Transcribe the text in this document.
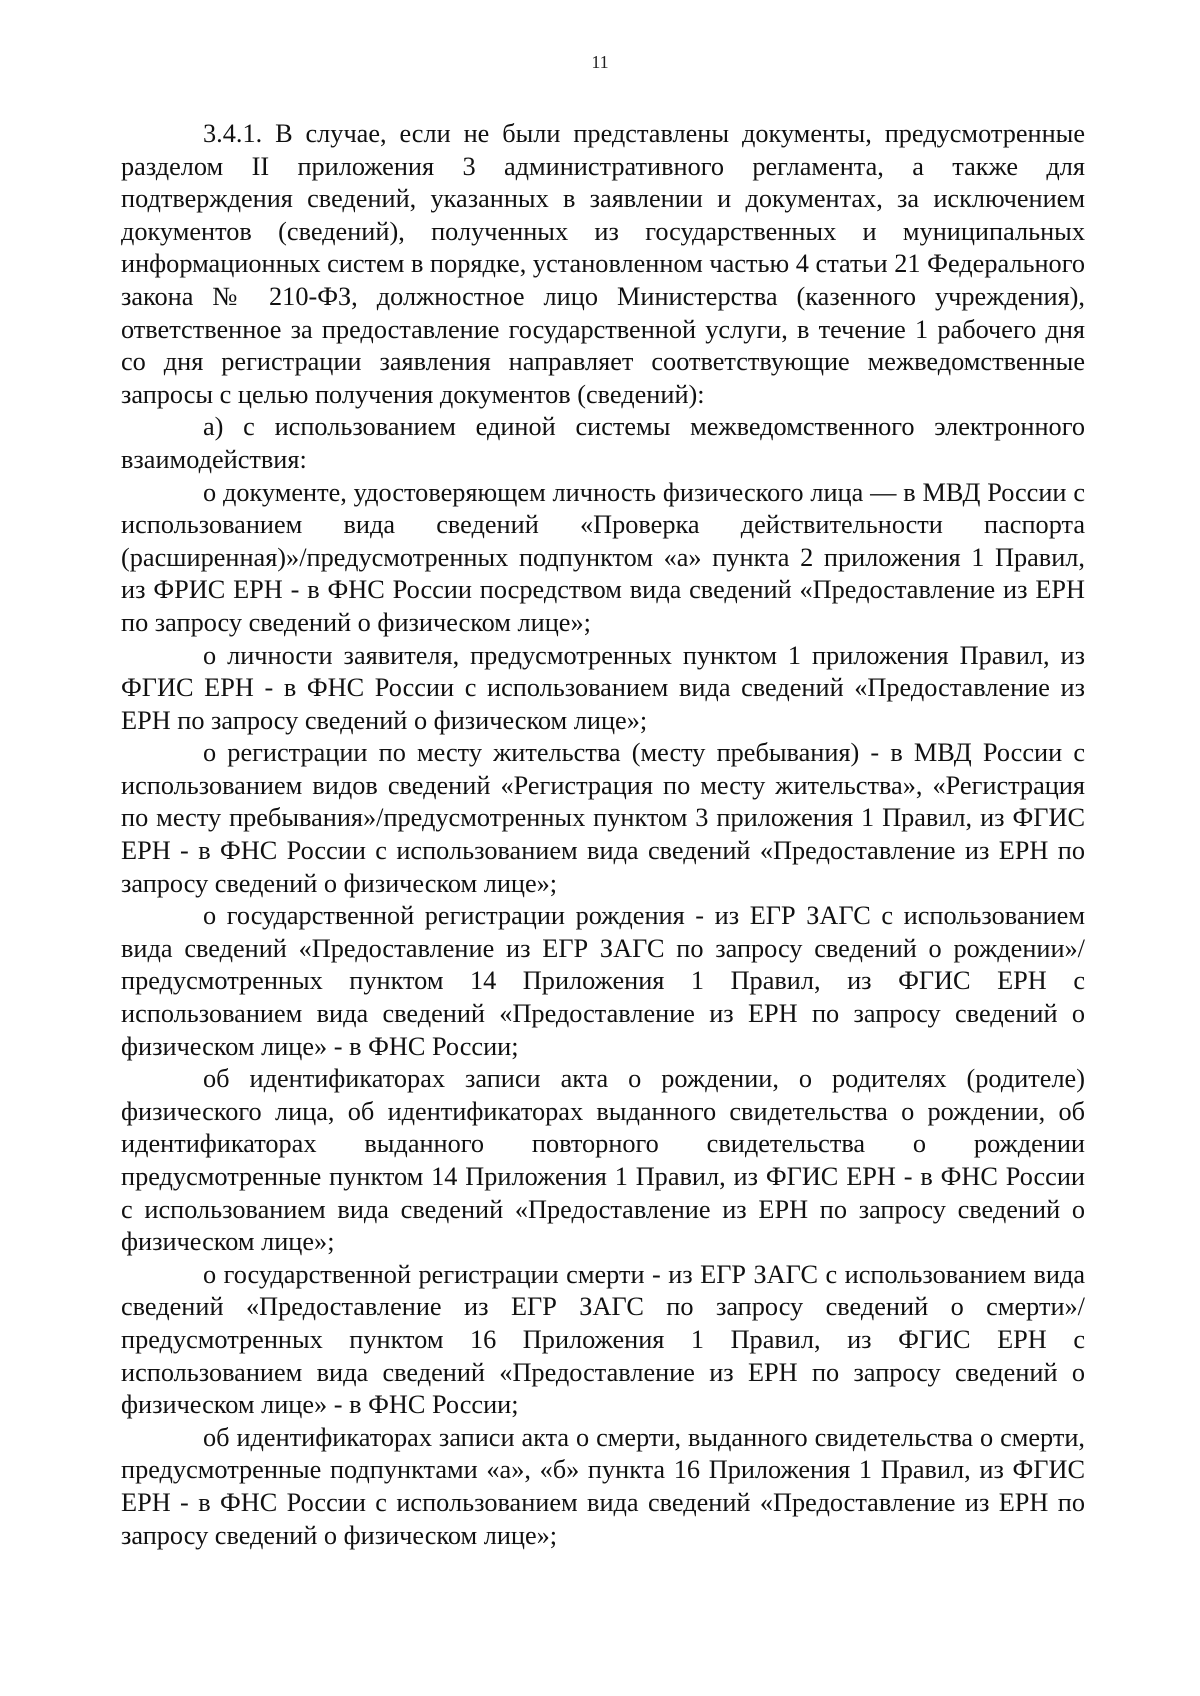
11

3.4.1. В случае, если не были представлены документы, предусмотренные разделом II приложения 3 административного регламента, а также для подтверждения сведений, указанных в заявлении и документах, за исключением документов (сведений), полученных из государственных и муниципальных информационных систем в порядке, установленном частью 4 статьи 21 Федерального закона № 210-ФЗ, должностное лицо Министерства (казенного учреждения), ответственное за предоставление государственной услуги, в течение 1 рабочего дня со дня регистрации заявления направляет соответствующие межведомственные запросы с целью получения документов (сведений):

а) с использованием единой системы межведомственного электронного взаимодействия:

о документе, удостоверяющем личность физического лица — в МВД России с использованием вида сведений «Проверка действительности паспорта (расширенная)»/предусмотренных подпунктом «а» пункта 2 приложения 1 Правил, из ФРИС ЕРН - в ФНС России посредством вида сведений «Предоставление из ЕРН по запросу сведений о физическом лице»;

о личности заявителя, предусмотренных пунктом 1 приложения Правил, из ФГИС ЕРН - в ФНС России с использованием вида сведений «Предоставление из ЕРН по запросу сведений о физическом лице»;

о регистрации по месту жительства (месту пребывания) - в МВД России с использованием видов сведений «Регистрация по месту жительства», «Регистрация по месту пребывания»/предусмотренных пунктом 3 приложения 1 Правил, из ФГИС ЕРН - в ФНС России с использованием вида сведений «Предоставление из ЕРН по запросу сведений о физическом лице»;

о государственной регистрации рождения - из ЕГР ЗАГС с использованием вида сведений «Предоставление из ЕГР ЗАГС по запросу сведений о рождении»/предусмотренных пунктом 14 Приложения 1 Правил, из ФГИС ЕРН с использованием вида сведений «Предоставление из ЕРН по запросу сведений о физическом лице» - в ФНС России;

об идентификаторах записи акта о рождении, о родителях (родителе) физического лица, об идентификаторах выданного свидетельства о рождении, об идентификаторах выданного повторного свидетельства о рождении предусмотренные пунктом 14 Приложения 1 Правил, из ФГИС ЕРН - в ФНС России с использованием вида сведений «Предоставление из ЕРН по запросу сведений о физическом лице»;

о государственной регистрации смерти - из ЕГР ЗАГС с использованием вида сведений «Предоставление из ЕГР ЗАГС по запросу сведений о смерти»/ предусмотренных пунктом 16 Приложения 1 Правил, из ФГИС ЕРН с использованием вида сведений «Предоставление из ЕРН по запросу сведений о физическом лице» - в ФНС России;

об идентификаторах записи акта о смерти, выданного свидетельства о смерти, предусмотренные подпунктами «а», «б» пункта 16 Приложения 1 Правил, из ФГИС ЕРН - в ФНС России с использованием вида сведений «Предоставление из ЕРН по запросу сведений о физическом лице»;
